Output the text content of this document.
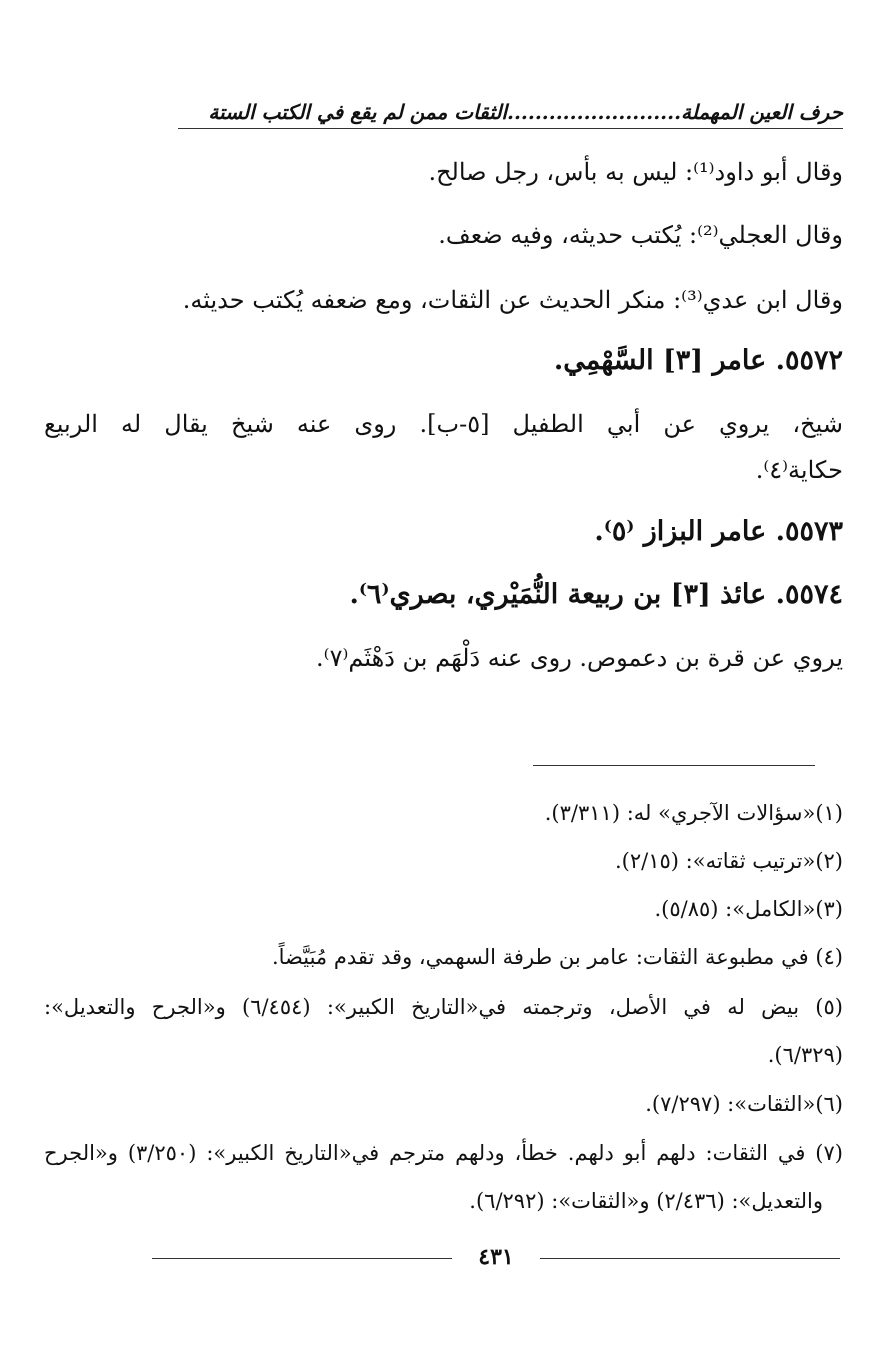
حرف العين المهملة.........................الثقات ممن لم يقع في الكتب الستة
وقال أبو داود⁽¹⁾: ليس به بأس، رجل صالح.
وقال العجلي⁽²⁾: يُكتب حديثه، وفيه ضعف.
وقال ابن عدي⁽³⁾: منكر الحديث عن الثقات، ومع ضعفه يُكتب حديثه.
٥٥٧٢. عامر [٣] السَّهْمِي.
شيخ، يروي عن أبي الطفيل [٥-ب]. روى عنه شيخ يقال له الربيع
حكاية⁽٤⁾.
٥٥٧٣. عامر البزاز ⁽٥⁾.
٥٥٧٤. عائذ [٣] بن ربيعة النُّمَيْري، بصري⁽٦⁾.
يروي عن قرة بن دعموص. روى عنه دَلْهَم بن دَهْثَم⁽٧⁾.
(١)«سؤالات الآجري» له: (٣/٣١١).
(٢)«ترتيب ثقاته»: (٢/١٥).
(٣)«الكامل»: (٥/٨٥).
(٤) في مطبوعة الثقات: عامر بن طرفة السهمي، وقد تقدم مُبَيَّضاً.
(٥) بيض له في الأصل، وترجمته في«التاريخ الكبير»: (٦/٤٥٤) و«الجرح والتعديل»:
(٦/٣٢٩).
(٦)«الثقات»: (٧/٢٩٧).
(٧) في الثقات: دلهم أبو دلهم. خطأ، ودلهم مترجم في«التاريخ الكبير»: (٣/٢٥٠) و«الجرح
والتعديل»: (٢/٤٣٦) و«الثقات»: (٦/٢٩٢).
٤٣١
